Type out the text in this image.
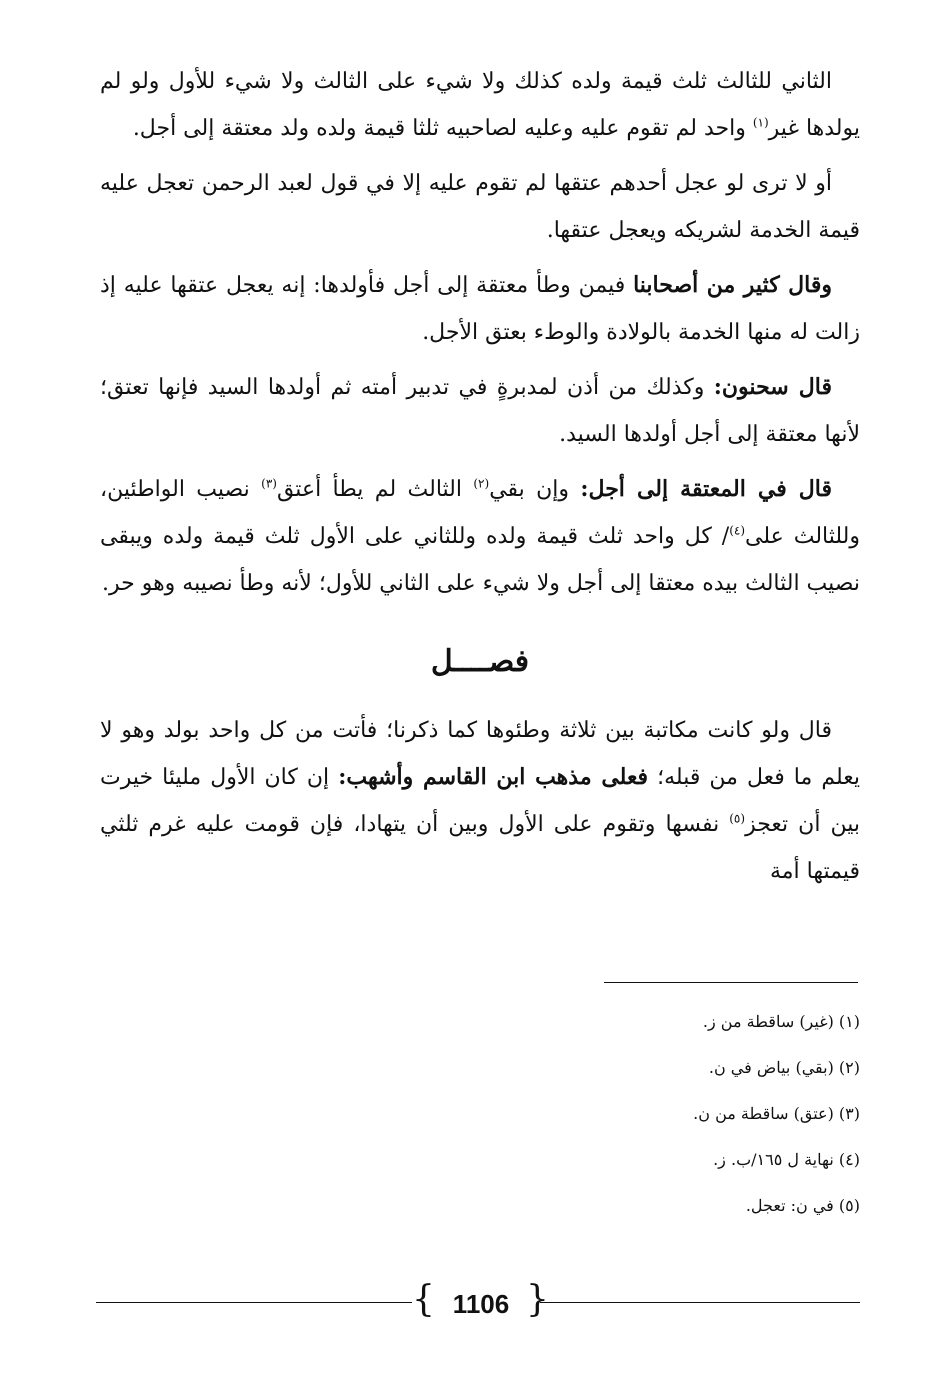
الثاني للثالث ثلث قيمة ولده كذلك ولا شيء على الثالث ولا شيء للأول ولو لم يولدها غير$^{(١)}$ واحد لم تقوم عليه وعليه لصاحبيه ثلثا قيمة ولده ولد معتقة إلى أجل.

أو لا ترى لو عجل أحدهم عتقها لم تقوم عليه إلا في قول لعبد الرحمن تعجل عليه قيمة الخدمة لشريكه ويعجل عتقها.

وقال كثير من أصحابنا فيمن وطأ معتقة إلى أجل فأولدها: إنه يعجل عتقها عليه إذ زالت له منها الخدمة بالولادة والوطء بعتق الأجل.

قال سحنون: وكذلك من أذن لمدبرةٍ في تدبير أمته ثم أولدها السيد فإنها تعتق؛ لأنها معتقة إلى أجل أولدها السيد.

قال في المعتقة إلى أجل: وإن بقي$^{(٢)}$ الثالث لم يطأ أعتق$^{(٣)}$ نصيب الواطئين، وللثالث على$^{(٤)}$/ كل واحد ثلث قيمة ولده وللثاني على الأول ثلث قيمة ولده ويبقى نصيب الثالث بيده معتقا إلى أجل ولا شيء على الثاني للأول؛ لأنه وطأ نصيبه وهو حر.

فصــــل

قال ولو كانت مكاتبة بين ثلاثة وطئوها كما ذكرنا؛ فأتت من كل واحد بولد وهو لا يعلم ما فعل من قبله؛ فعلى مذهب ابن القاسم وأشهب: إن كان الأول مليئا خيرت بين أن تعجز$^{(٥)}$ نفسها وتقوم على الأول وبين أن يتهادا، فإن قومت عليه غرم ثلثي قيمتها أمة

(١) (غير) ساقطة من ز.
(٢) (بقي) بياض في ن.
(٣) (عتق) ساقطة من ن.
(٤) نهاية ل ١٦٥/ب. ز.
(٥) في ن: تعجل.
{ 1106 }
